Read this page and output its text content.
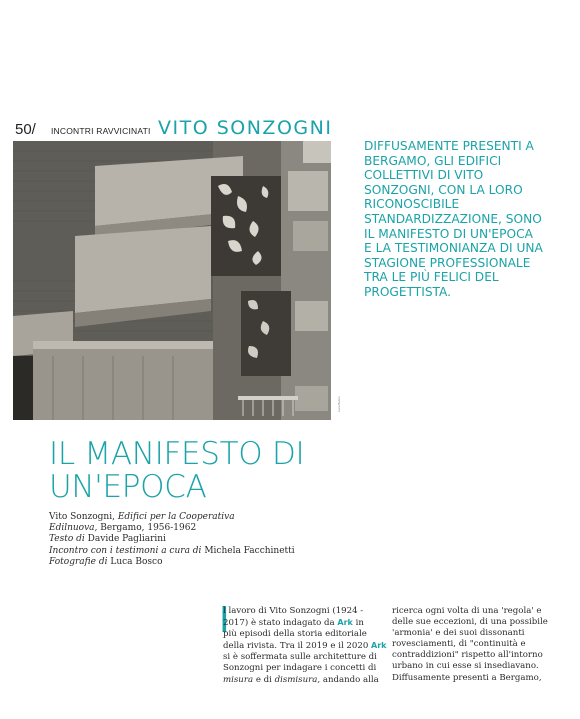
50/ INCONTRI RAVVICINATI VITO SONZOGNI
Luca Bosco

DIFFUSAMENTE PRESENTI A BERGAMO, GLI EDIFICI COLLETTIVI DI VITO SONZOGNI, CON LA LORO RICONOSCIBILE STANDARDIZZAZIONE, SONO IL MANIFESTO DI UN'EPOCA E LA TESTIMONIANZA DI UNA STAGIONE PROFESSIONALE TRA LE PIÙ FELICI DEL PROGETTISTA.

IL MANIFESTO DI
UN'EPOCA
Vito Sonzogni, Edifici per la Cooperativa
Edilnuova, Bergamo, 1956-1962
Testo di Davide Pagliarini
Incontro con i testimoni a cura di Michela Facchinetti
Fotografie di Luca Bosco
I
l lavoro di Vito Sonzogni (1924 -
2017) è stato indagato da Ark in
più episodi della storia editoriale
della rivista. Tra il 2019 e il 2020 Ark
si è soffermata sulle architetture di
Sonzogni per indagare i concetti di
misura e di dismisura, andando alla
ricerca ogni volta di una 'regola' e
delle sue eccezioni, di una possibile
'armonia' e dei suoi dissonanti
rovesciamenti, di "continuità e
contraddizioni" rispetto all'intorno
urbano in cui esse si insediavano.
Diffusamente presenti a Bergamo,
